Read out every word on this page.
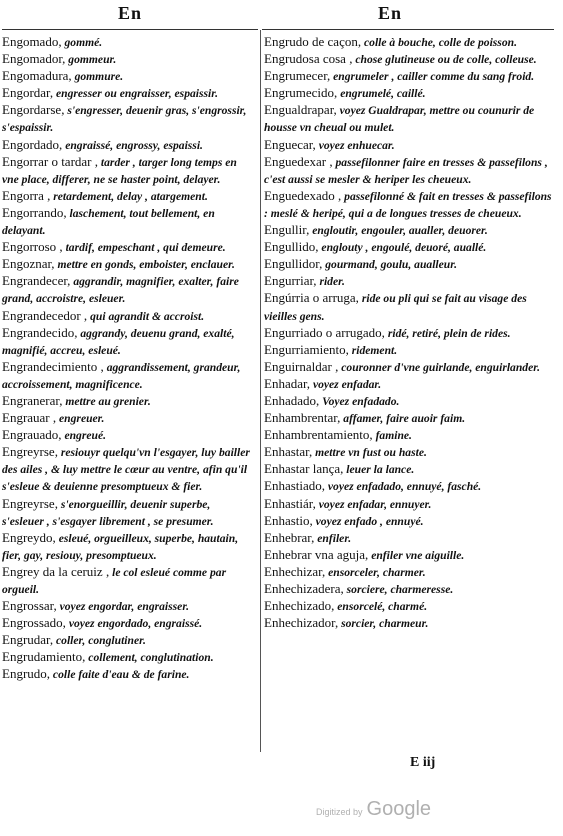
En	En

Engomado, gommé.

Engomador, gommeur.

Engomadura, gommure.

Engordar, engresser ou engraisser, espaissir.

Engordarse, s'engresser, deuenir gras, s'engrossir, s'espaissir.

Engordado, engraissé, engrossy, espaissi.

Engorrar o tardar , tarder , targer long temps en vne place, differer, ne se haster point, delayer.

Engorra , retardement, delay , atargement.

Engorrando, laschement, tout bellement, en delayant.

Engorroso , tardif, empeschant , qui demeure.

Engoznar, mettre en gonds, emboister, enclauer.

Engrandecer, aggrandir, magnifier, exalter, faire grand, accroistre, esleuer.

Engrandecedor , qui agrandit & accroist.

Engrandecido, aggrandy, deuenu grand, exalté, magnifié, accreu, esleué.

Engrandecimiento , aggrandissement, grandeur, accroissement, magnificence.

Engranerar, mettre au grenier.

Engrauar , engreuer.

Engrauado, engreué.

Engreyrse, resiouyr quelqu'vn l'esgayer, luy bailler des ailes , & luy mettre le cœur au ventre, afin qu'il s'esleue & deuienne presomptueux & fier.

Engreyrse, s'enorgueillir, deuenir superbe, s'esleuer , s'esgayer librement , se presumer.

Engreydo, esleué, orgueilleux, superbe, hautain, fier, gay, resiouy, presomptueux.

Engrey da la ceruiz , le col esleué comme par orgueil.

Engrossar, voyez engordar, engraisser.

Engrossado, voyez engordado, engraissé.

Engrudar, coller, conglutiner.

Engrudamiento, collement, conglutination.

Engrudo, colle faite d'eau & de farine.

Engrudo de caçon, colle à bouche, colle de poisson.

Engrudosa cosa , chose glutineuse ou de colle, colleuse.

Engrumecer, engrumeler , cailler comme du sang froid.

Engrumecido, engrumelé, caillé.

Engualdrapar, voyez Gualdrapar, mettre ou counurir de housse vn cheual ou mulet.

Enguecar, voyez enhuecar.

Enguedexar , passefilonner faire en tresses & passefilons , c'est aussi se mesler & heriper les cheueux.

Enguedexado , passefilonné & fait en tresses & passefilons : meslé & heripé, qui a de longues tresses de cheueux.

Engullir, engloutir, engouler, aualler, deuorer.

Engullido, englouty , engoulé, deuoré, auallé.

Engullidor, gourmand, goulu, aualleur.

Engurriar, rider.

Engúrria o arruga, ride ou pli qui se fait au visage des vieilles gens.

Engurriado o arrugado, ridé, retiré, plein de rides.

Engurriamiento, ridement.

Enguirnaldar , couronner d'vne guirlande, enguirlander.

Enhadar, voyez enfadar.

Enhadado, Voyez enfadado.

Enhambrentar, affamer, faire auoir faim.

Enhambrentamiento, famine.

Enhastar, mettre vn fust ou haste.

Enhastar lança, leuer la lance.

Enhastiado, voyez enfadado, ennuyé, fasché.

Enhastiár, voyez enfadar, ennuyer.

Enhastio, voyez enfado , ennuyé.

Enhebrar, enfiler.

Enhebrar vna aguja, enfiler vne aiguille.

Enhechizar, ensorceler, charmer.

Enhechizadera, sorciere, charmeresse.

Enhechizado, ensorcelé, charmé.

Enhechizador, sorcier, charmeur.

E iij
Digitized by Google
